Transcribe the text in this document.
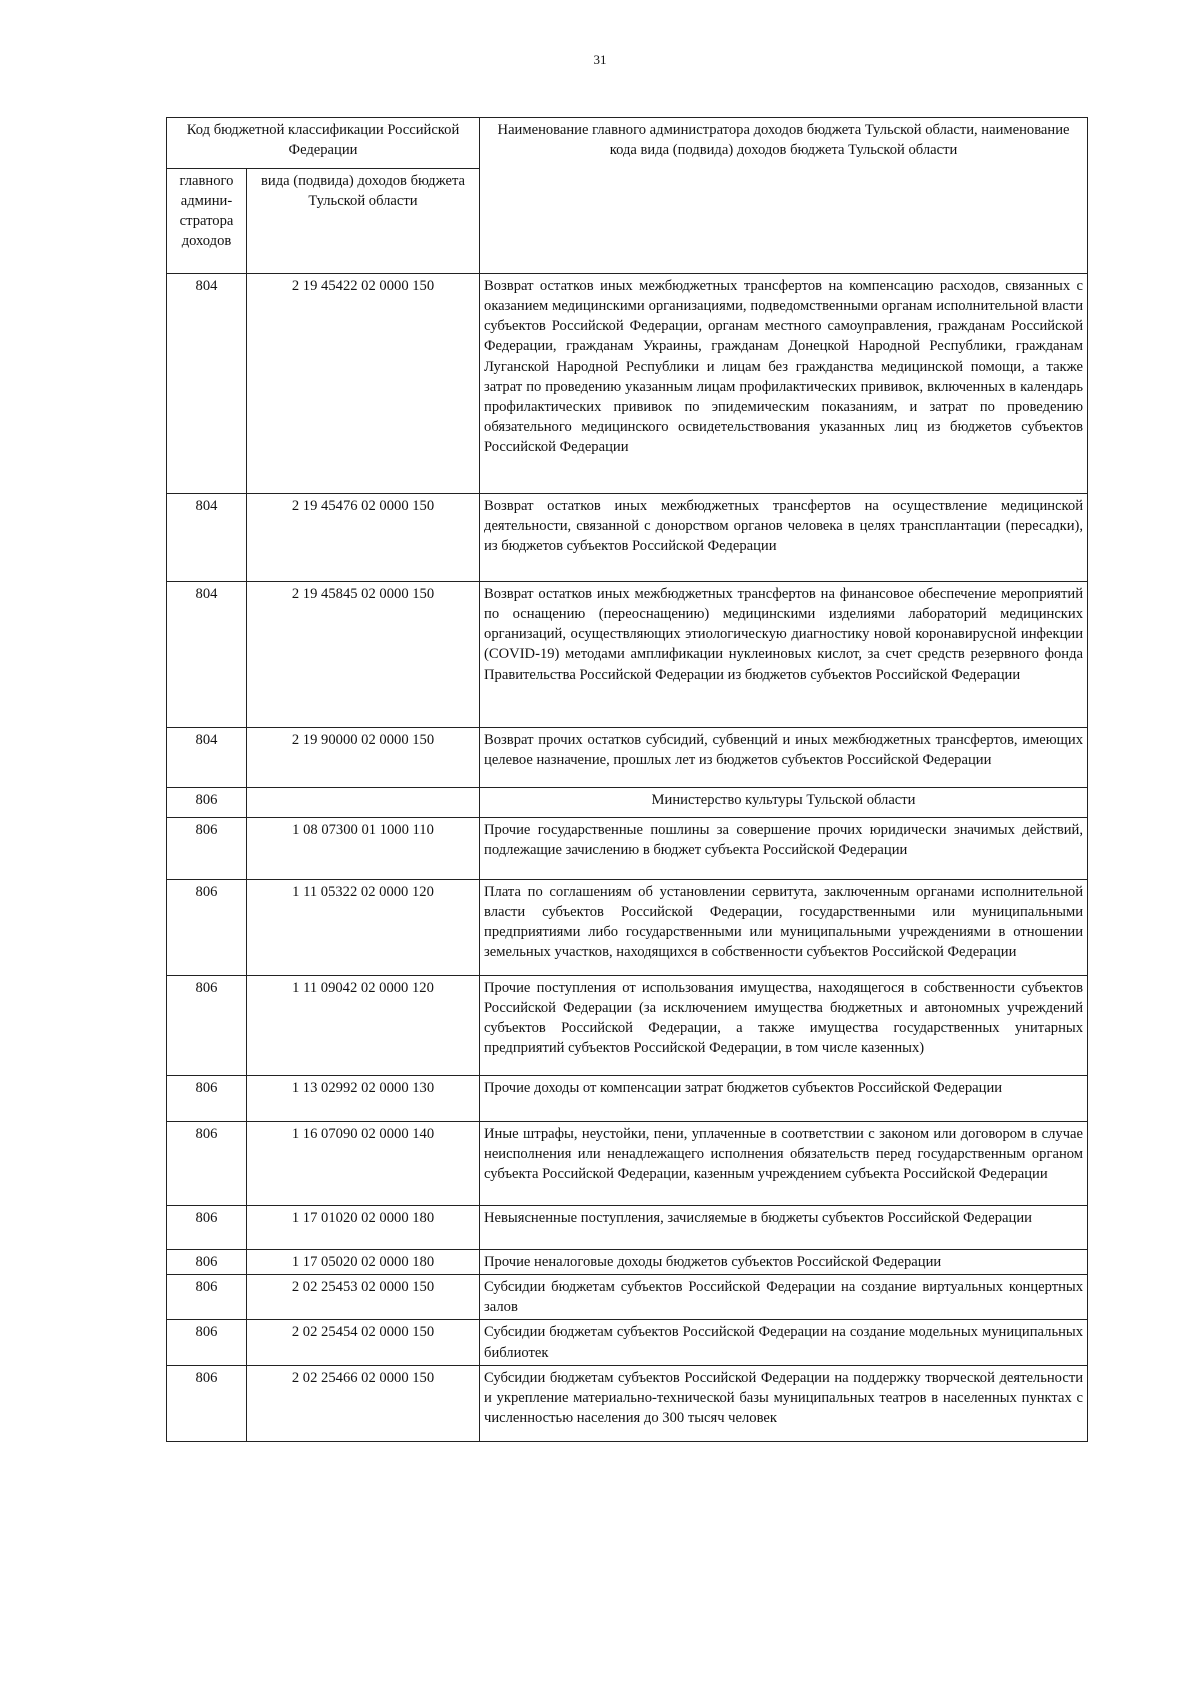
31
Код бюджетной классификации Российской Федерации		Наименование главного администратора доходов бюджета Тульской области, наименование кода вида (подвида) доходов бюджета Тульской области
главного админи-стратора доходов	вида (подвида) доходов бюджета Тульской области	
804	2 19 45422 02 0000 150	Возврат остатков иных межбюджетных трансфертов на компенсацию расходов, связанных с оказанием медицинскими организациями, подведомственными органам исполнительной власти субъектов Российской Федерации, органам местного самоуправления, гражданам Российской Федерации, гражданам Украины, гражданам Донецкой Народной Республики, гражданам Луганской Народной Республики и лицам без гражданства медицинской помощи, а также затрат по проведению указанным лицам профилактических прививок, включенных в календарь профилактических прививок по эпидемическим показаниям, и затрат по проведению обязательного медицинского освидетельствования указанных лиц из бюджетов субъектов Российской Федерации
804	2 19 45476 02 0000 150	Возврат остатков иных межбюджетных трансфертов на осуществление медицинской деятельности, связанной с донорством органов человека в целях трансплантации (пересадки), из бюджетов субъектов Российской Федерации
804	2 19 45845 02 0000 150	Возврат остатков иных межбюджетных трансфертов на финансовое обеспечение мероприятий по оснащению (переоснащению) медицинскими изделиями лабораторий медицинских организаций, осуществляющих этиологическую диагностику новой коронавирусной инфекции (COVID-19) методами амплификации нуклеиновых кислот, за счет средств резервного фонда Правительства Российской Федерации из бюджетов субъектов Российской Федерации
804	2 19 90000 02 0000 150	Возврат прочих остатков субсидий, субвенций и иных межбюджетных трансфертов, имеющих целевое назначение, прошлых лет из бюджетов субъектов Российской Федерации
806		Министерство культуры Тульской области
806	1 08 07300 01 1000 110	Прочие государственные пошлины за совершение прочих юридически значимых действий, подлежащие зачислению в бюджет субъекта Российской Федерации
806	1 11 05322 02 0000 120	Плата по соглашениям об установлении сервитута, заключенным органами исполнительной власти субъектов Российской Федерации, государственными или муниципальными предприятиями либо государственными или муниципальными учреждениями в отношении земельных участков, находящихся в собственности субъектов Российской Федерации
806	1 11 09042 02 0000 120	Прочие поступления от использования имущества, находящегося в собственности субъектов Российской Федерации (за исключением имущества бюджетных и автономных учреждений субъектов Российской Федерации, а также имущества государственных унитарных предприятий субъектов Российской Федерации, в том числе казенных)
806	1 13 02992 02 0000 130	Прочие доходы от компенсации затрат бюджетов субъектов Российской Федерации
806	1 16 07090 02 0000 140	Иные штрафы, неустойки, пени, уплаченные в соответствии с законом или договором в случае неисполнения или ненадлежащего исполнения обязательств перед государственным органом субъекта Российской Федерации, казенным учреждением субъекта Российской Федерации
806	1 17 01020 02 0000 180	Невыясненные поступления, зачисляемые в бюджеты субъектов Российской Федерации
806	1 17 05020 02 0000 180	Прочие неналоговые доходы бюджетов субъектов Российской Федерации
806	2 02 25453 02 0000 150	Субсидии бюджетам субъектов Российской Федерации на создание виртуальных концертных залов
806	2 02 25454 02 0000 150	Субсидии бюджетам субъектов Российской Федерации на создание модельных муниципальных библиотек
806	2 02 25466 02 0000 150	Субсидии бюджетам субъектов Российской Федерации на поддержку творческой деятельности и укрепление материально-технической базы муниципальных театров в населенных пунктах с численностью населения до 300 тысяч человек
